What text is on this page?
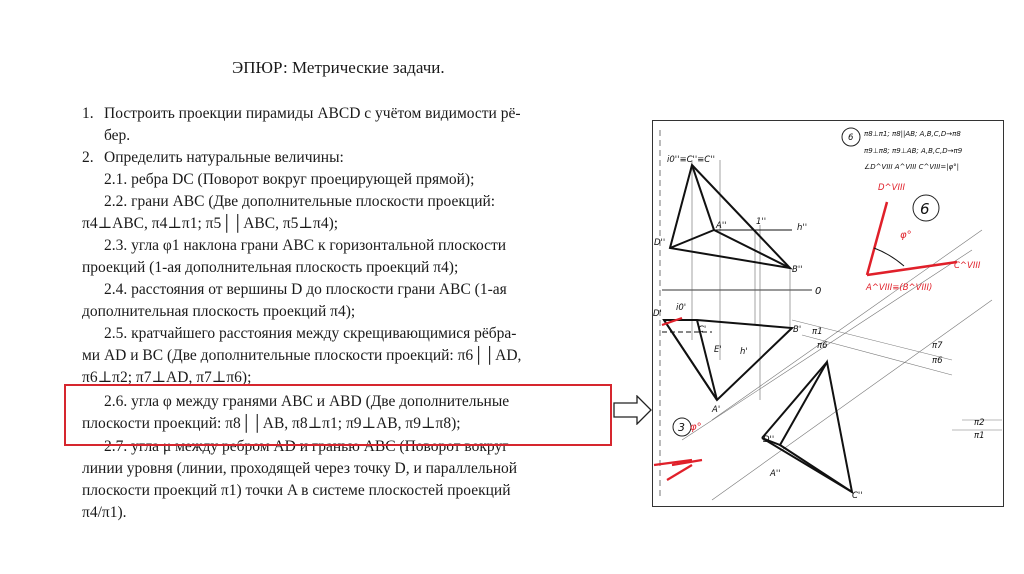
ЭПЮР: Метрические задачи.
1. Построить проекции пирамиды АВCD с учётом видимости рё-
бер.
2. Определить натуральные величины:
2.1. ребра DC (Поворот вокруг проецирующей прямой);
2.2. грани ABC (Две дополнительные плоскости проекций:
π4⊥ABC, π4⊥π1; π5││ABC, π5⊥π4);
2.3. угла φ1 наклона грани ABC к горизонтальной плоскости
проекций (1-ая дополнительная плоскость проекций π4);
2.4. расстояния от вершины D до плоскости грани ABC (1-ая
дополнительная плоскость проекций π4);
2.5. кратчайшего расстояния между скрещивающимися рёбра-
ми AD и BC (Две дополнительные плоскости проекций: π6││AD,
π6⊥π2; π7⊥AD, π7⊥π6);
2.6. угла φ между гранями ABC и ABD (Две дополнительные
плоскости проекций: π8││AB, π8⊥π1; π9⊥AB, π9⊥π8);
2.7. угла μ между ребром AD и гранью ABC (Поворот вокруг
линии уровня (линии, проходящей через точку D, и параллельной
плоскости проекций π1) точки A в системе плоскостей проекций
π4/π1).
6
6
3
i0''≡C''≡C''
D''
A''
B''
1''
h''
0
D'
i0'
C'	B'
E' h'
A'
D''
A''
C''
π1
π6	π7
π6
π2
π1
D^VIII
C^VIII
A^VIII≡(B^VIII)
φ°
φ°
π8⊥π1; π8||AB; A,B,C,D→π8
π9⊥π8; π9⊥AB; A,B,C,D→π9
∠D^VIII A^VIII C^VIII=|φ°|
